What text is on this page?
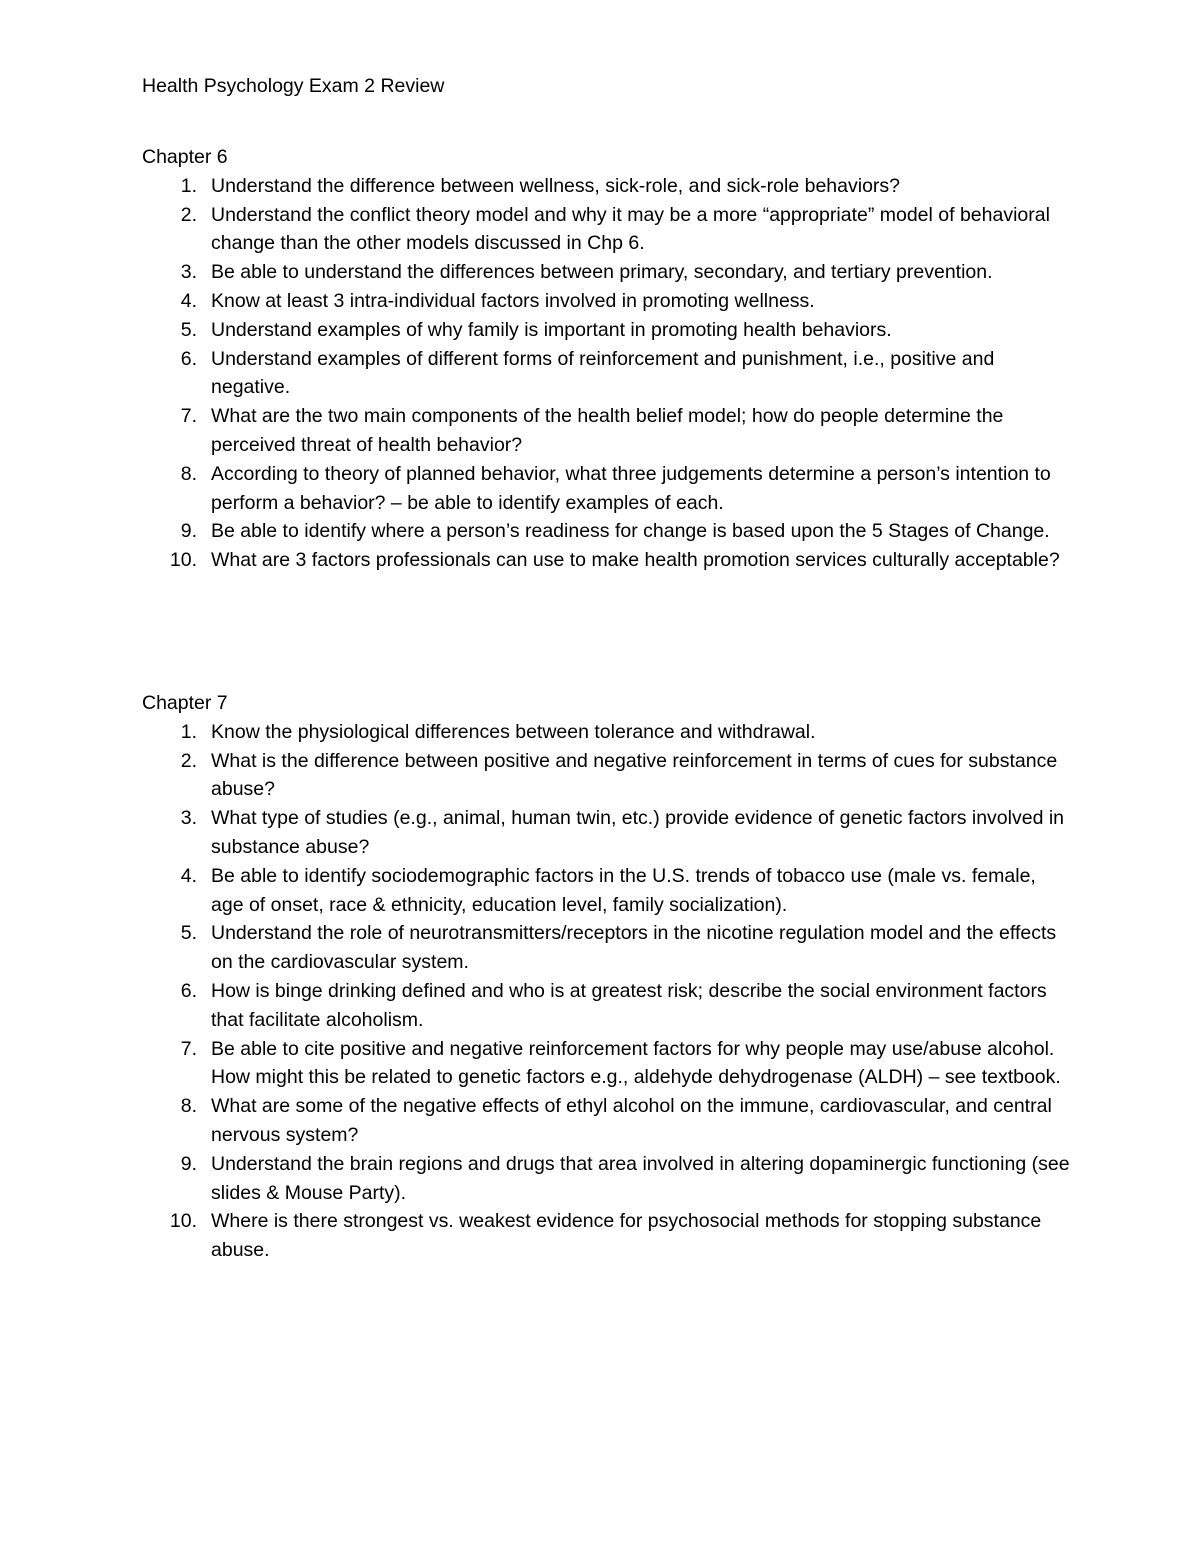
Health Psychology Exam 2 Review

Chapter 6

1. Understand the difference between wellness, sick-role, and sick-role behaviors?
2. Understand the conflict theory model and why it may be a more “appropriate” model of behavioral change than the other models discussed in Chp 6.
3. Be able to understand the differences between primary, secondary, and tertiary prevention.
4. Know at least 3 intra-individual factors involved in promoting wellness.
5. Understand examples of why family is important in promoting health behaviors.
6. Understand examples of different forms of reinforcement and punishment, i.e., positive and negative.
7. What are the two main components of the health belief model; how do people determine the perceived threat of health behavior?
8. According to theory of planned behavior, what three judgements determine a person’s intention to perform a behavior? – be able to identify examples of each.
9. Be able to identify where a person’s readiness for change is based upon the 5 Stages of Change.
10. What are 3 factors professionals can use to make health promotion services culturally acceptable?

Chapter 7

1. Know the physiological differences between tolerance and withdrawal.
2. What is the difference between positive and negative reinforcement in terms of cues for substance abuse?
3. What type of studies (e.g., animal, human twin, etc.) provide evidence of genetic factors involved in substance abuse?
4. Be able to identify sociodemographic factors in the U.S. trends of tobacco use (male vs. female, age of onset, race & ethnicity, education level, family socialization).
5. Understand the role of neurotransmitters/receptors in the nicotine regulation model and the effects on the cardiovascular system.
6. How is binge drinking defined and who is at greatest risk; describe the social environment factors that facilitate alcoholism.
7. Be able to cite positive and negative reinforcement factors for why people may use/abuse alcohol. How might this be related to genetic factors e.g., aldehyde dehydrogenase (ALDH) – see textbook.
8. What are some of the negative effects of ethyl alcohol on the immune, cardiovascular, and central nervous system?
9. Understand the brain regions and drugs that area involved in altering dopaminergic functioning (see slides & Mouse Party).
10. Where is there strongest vs. weakest evidence for psychosocial methods for stopping substance abuse.
